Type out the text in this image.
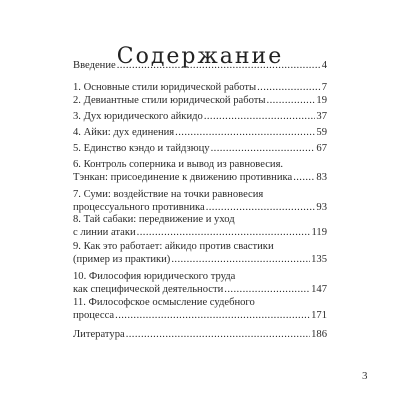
Содержание
Введение .....	4
1. Основные стили юридической работы .....	7
2. Девиантные стили юридической работы .....	19
3. Дух юридического айкидо .....	37
4. Айки: дух единения .....	59
5. Единство кэндо и тайдзюцу .....	67
6. Контроль соперника и вывод из равновесия.
Тэнкан: присоединение к движению противника ..... 83
7. Суми: воздействие на точки равновесия
процессуального противника .....	93
8. Тай сабаки: передвижение и уход
с линии атаки .....	119
9. Как это работает: айкидо против свастики
(пример из практики) .....	135
10. Философия юридического труда
как специфической деятельности .....	147
11. Философское осмысление судебного
процесса .....	171
Литература .....	186
3
